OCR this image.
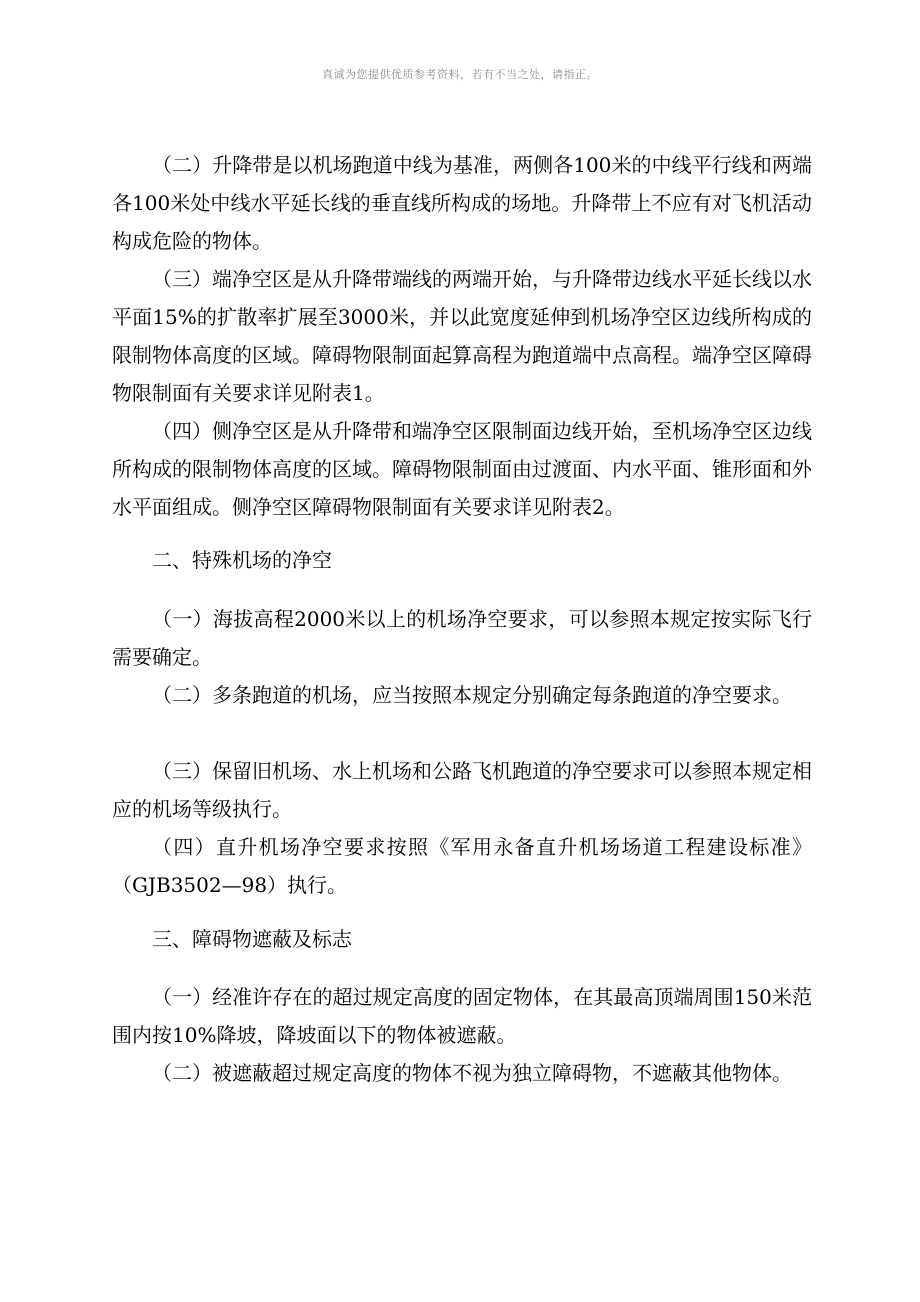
真诚为您提供优质参考资料，若有不当之处，请指正。

（二）升降带是以机场跑道中线为基准，两侧各100米的中线平行线和两端各100米处中线水平延长线的垂直线所构成的场地。升降带上不应有对飞机活动构成危险的物体。

（三）端净空区是从升降带端线的两端开始，与升降带边线水平延长线以水平面15%的扩散率扩展至3000米，并以此宽度延伸到机场净空区边线所构成的限制物体高度的区域。障碍物限制面起算高程为跑道端中点高程。端净空区障碍物限制面有关要求详见附表1。

（四）侧净空区是从升降带和端净空区限制面边线开始，至机场净空区边线所构成的限制物体高度的区域。障碍物限制面由过渡面、内水平面、锥形面和外水平面组成。侧净空区障碍物限制面有关要求详见附表2。

二、特殊机场的净空

（一）海拔高程2000米以上的机场净空要求，可以参照本规定按实际飞行需要确定。

（二）多条跑道的机场，应当按照本规定分别确定每条跑道的净空要求。

（三）保留旧机场、水上机场和公路飞机跑道的净空要求可以参照本规定相应的机场等级执行。

（四）直升机场净空要求按照《军用永备直升机场场道工程建设标准》（GJB3502—98）执行。

三、障碍物遮蔽及标志

（一）经准许存在的超过规定高度的固定物体，在其最高顶端周围150米范围内按10%降坡，降坡面以下的物体被遮蔽。

（二）被遮蔽超过规定高度的物体不视为独立障碍物，不遮蔽其他物体。
